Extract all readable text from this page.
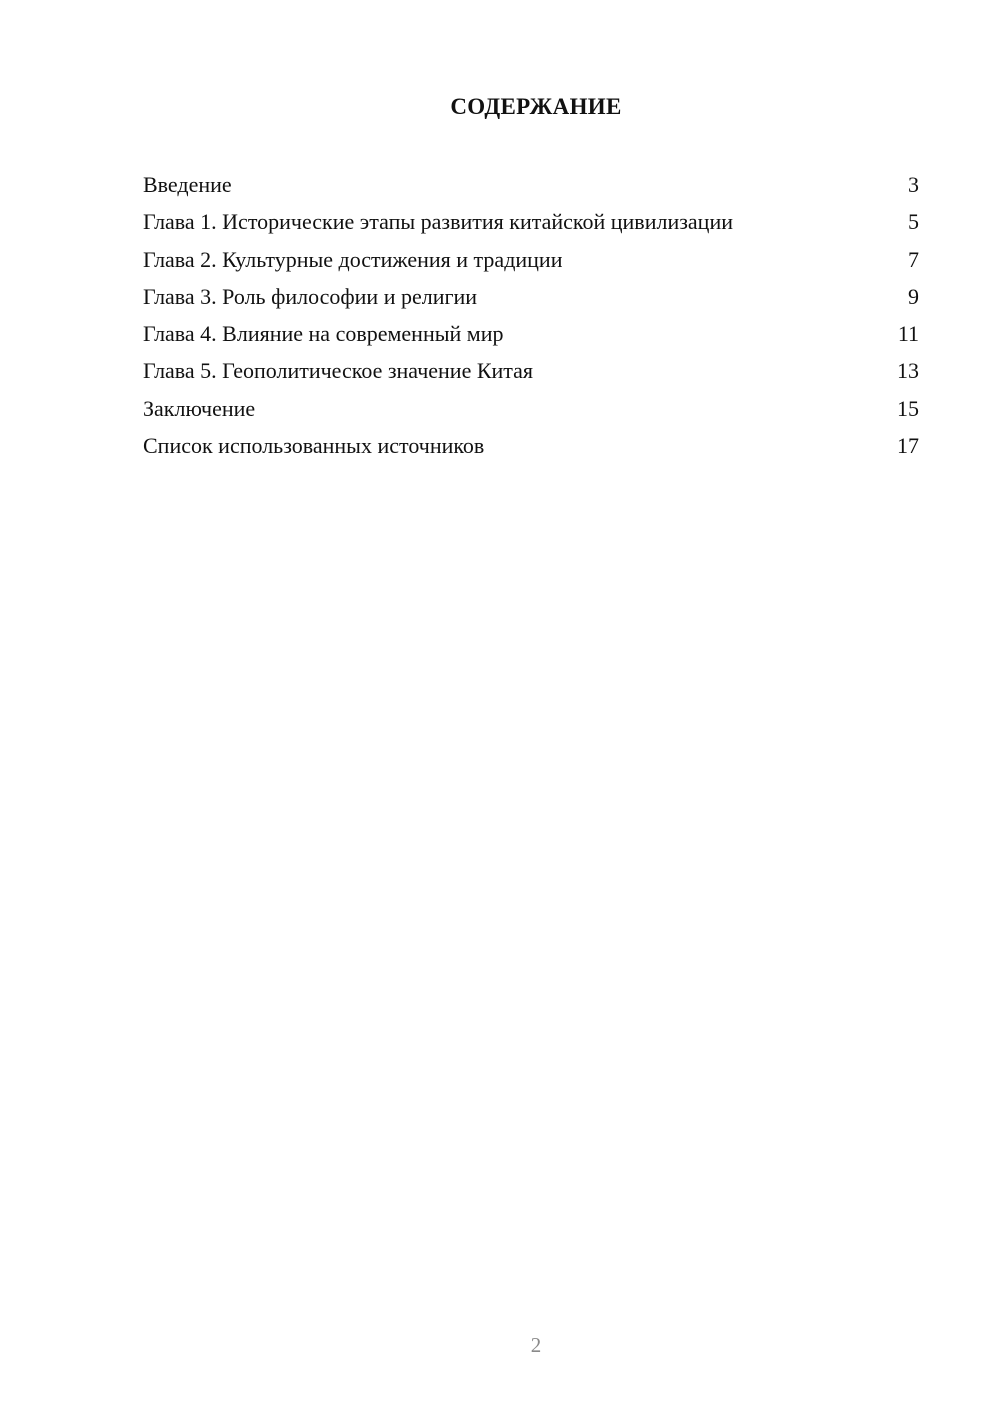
СОДЕРЖАНИЕ
Введение	3
Глава 1. Исторические этапы развития китайской цивилизации	5
Глава 2. Культурные достижения и традиции	7
Глава 3. Роль философии и религии	9
Глава 4. Влияние на современный мир	11
Глава 5. Геополитическое значение Китая	13
Заключение	15
Список использованных источников	17
2
